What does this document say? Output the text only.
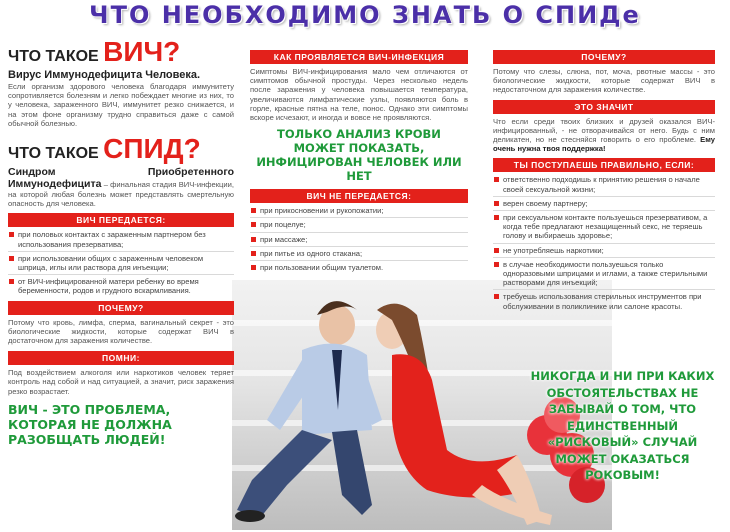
ЧТО НЕОБХОДИМО ЗНАТЬ О СПИДе
ЧТО ТАКОЕ ВИЧ?
Вирус Иммунодефицита Человека.
Если организм здорового человека благодаря иммунитету сопротивляется болезням и легко побеждает многие из них, то у человека, зараженного ВИЧ, иммунитет резко снижается, и на этом фоне организму трудно справиться даже с самой обычной болезнью.
ЧТО ТАКОЕ СПИД?
Синдром Приобретенного Иммунодефицита – финальная стадия ВИЧ-инфекции, на которой любая болезнь может представлять смертельную опасность для человека.
ВИЧ ПЕРЕДАЕТСЯ:
при половых контактах с зараженным партнером без использования презерватива;
при использовании общих с зараженным человеком шприца, иглы или раствора для инъекции;
от ВИЧ-инфицированной матери ребенку во время беременности, родов и грудного вскармливания.
ПОЧЕМУ?
Потому что кровь, лимфа, сперма, вагинальный секрет - это биологические жидкости, которые содержат ВИЧ в достаточном для заражения количестве.
ПОМНИ:
Под воздействием алкоголя или наркотиков человек теряет контроль над собой и над ситуацией, а значит, риск заражения резко возрастает.
ВИЧ - ЭТО ПРОБЛЕМА, КОТОРАЯ НЕ ДОЛЖНА РАЗОБЩАТЬ ЛЮДЕЙ!
КАК ПРОЯВЛЯЕТСЯ ВИЧ-ИНФЕКЦИЯ
Симптомы ВИЧ-инфицирования мало чем отличаются от симптомов обычной простуды. Через несколько недель после заражения у человека повышается температура, увеличиваются лимфатические узлы, появляются боль в горле, красные пятна на теле, понос. Однако эти симптомы вскоре исчезают, и иногда и вовсе не проявляются.
ТОЛЬКО АНАЛИЗ КРОВИ МОЖЕТ ПОКАЗАТЬ, ИНФИЦИРОВАН ЧЕЛОВЕК ИЛИ НЕТ
ВИЧ НЕ ПЕРЕДАЕТСЯ:
при прикосновении и рукопожатии;
при поцелуе;
при массаже;
при питье из одного стакана;
при пользовании общим туалетом.
ПОЧЕМУ?
Потому что слезы, слюна, пот, моча, рвотные массы - это биологические жидкости, которые содержат ВИЧ в недостаточном для заражения количестве.
ЭТО ЗНАЧИТ
Что если среди твоих близких и друзей оказался ВИЧ-инфицированный, - не отворачивайся от него. Будь с ним деликатен, но не стесняйся говорить о его проблеме. Ему очень нужна твоя поддержка!
ТЫ ПОСТУПАЕШЬ ПРАВИЛЬНО, ЕСЛИ:
ответственно подходишь к принятию решения о начале своей сексуальной жизни;
верен своему партнеру;
при сексуальном контакте пользуешься презервативом, а когда тебе предлагают незащищенный секс, не теряешь голову и выбираешь здоровье;
не употребляешь наркотики;
в случае необходимости пользуешься только одноразовыми шприцами и иглами, а также стерильными растворами для инъекций;
требуешь использования стерильных инструментов при обслуживании в поликлинике или салоне красоты.
НИКОГДА И НИ ПРИ КАКИХ ОБСТОЯТЕЛЬСТВАХ НЕ ЗАБЫВАЙ О ТОМ, ЧТО ЕДИНСТВЕННЫЙ «РИСКОВЫЙ» СЛУЧАЙ МОЖЕТ ОКАЗАТЬСЯ РОКОВЫМ!
